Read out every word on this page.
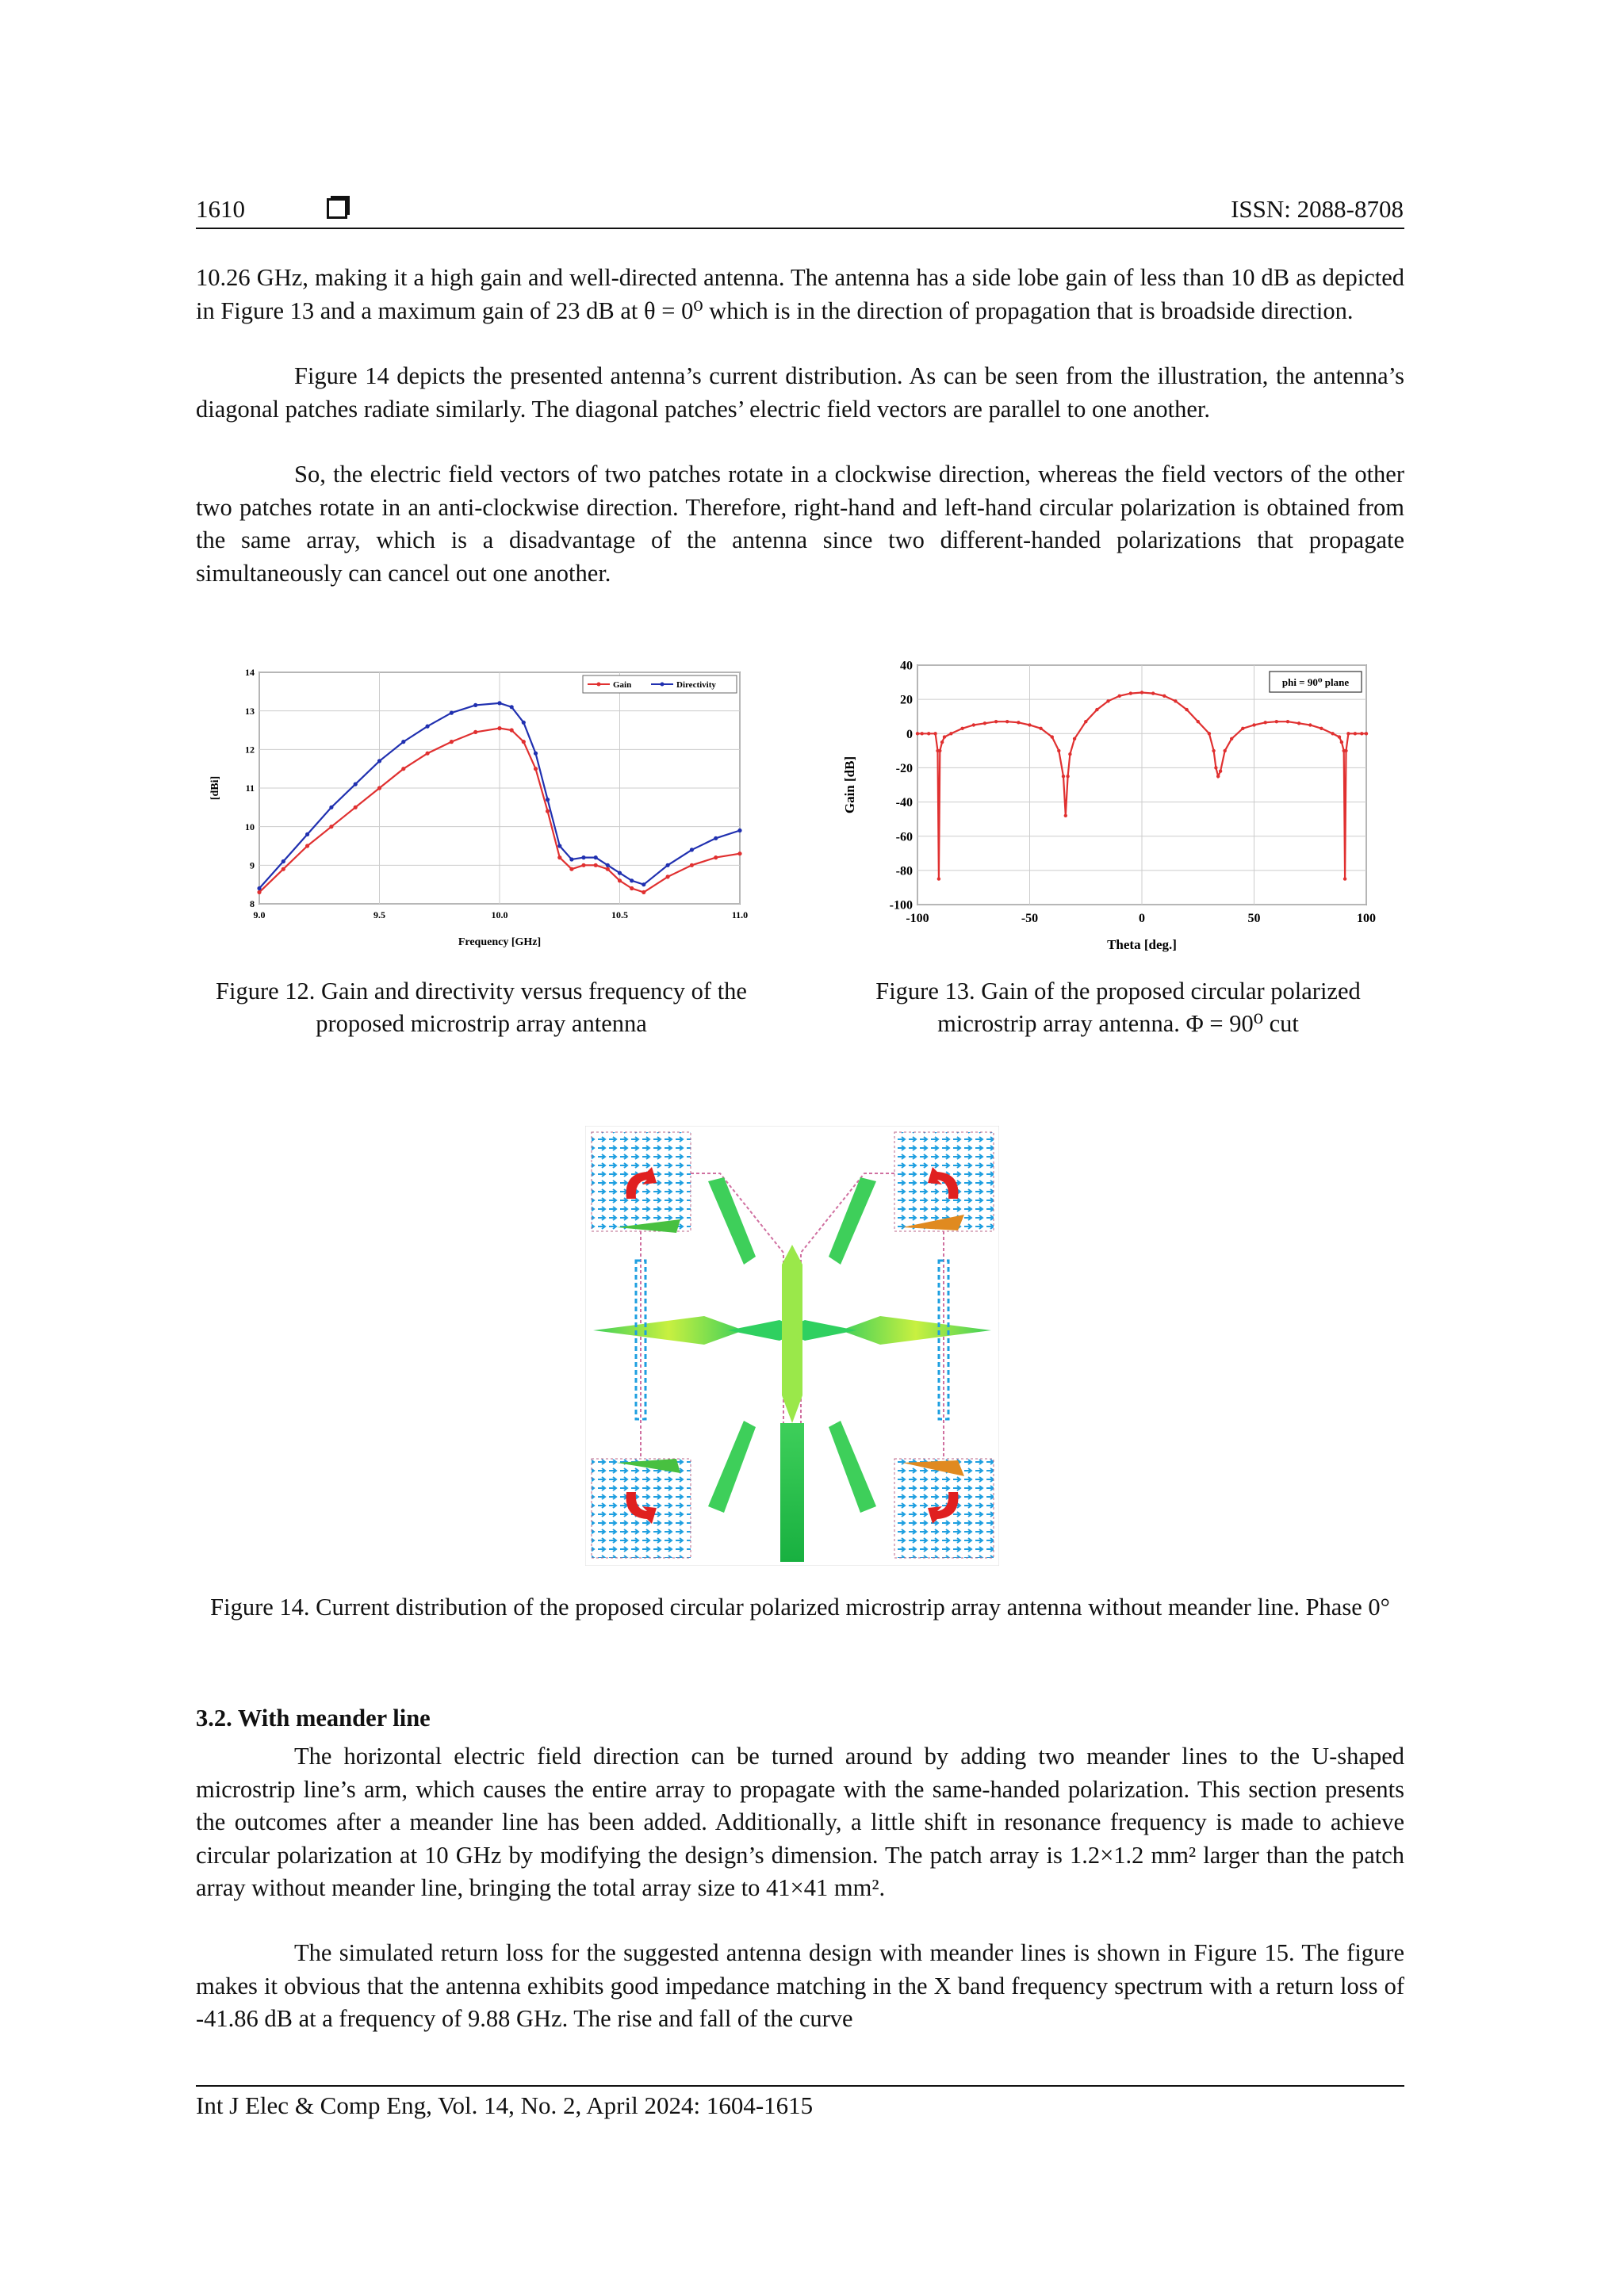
1610	ISSN: 2088-8708

10.26 GHz, making it a high gain and well-directed antenna. The antenna has a side lobe gain of less than 10 dB as depicted in Figure 13 and a maximum gain of 23 dB at θ = 0⁰ which is in the direction of propagation that is broadside direction.

Figure 14 depicts the presented antenna’s current distribution. As can be seen from the illustration, the antenna’s diagonal patches radiate similarly. The diagonal patches’ electric field vectors are parallel to one another.

So, the electric field vectors of two patches rotate in a clockwise direction, whereas the field vectors of the other two patches rotate in an anti-clockwise direction. Therefore, right-hand and left-hand circular polarization is obtained from the same array, which is a disadvantage of the antenna since two different-handed polarizations that propagate simultaneously can cancel out one another.

9.0	9.5	10.0	10.5	11.0
8
9
10
11
12
13
14
Gain	Directivity
Frequency [GHz]
[dBi]
-100	-50	0	50	100
40
20
0
-20
-40
-60
-80
-100
phi = 90⁰ plane
Theta [deg.]
Gain [dB]

Figure 12. Gain and directivity versus frequency of the proposed microstrip array antenna

Figure 13. Gain of the proposed circular polarized microstrip array antenna. Φ = 90⁰ cut

Figure 14. Current distribution of the proposed circular polarized microstrip array antenna without meander line. Phase 0°

3.2. With meander line

The horizontal electric field direction can be turned around by adding two meander lines to the U-shaped microstrip line’s arm, which causes the entire array to propagate with the same-handed polarization. This section presents the outcomes after a meander line has been added. Additionally, a little shift in resonance frequency is made to achieve circular polarization at 10 GHz by modifying the design’s dimension. The patch array is 1.2×1.2 mm² larger than the patch array without meander line, bringing the total array size to 41×41 mm².

The simulated return loss for the suggested antenna design with meander lines is shown in Figure 15. The figure makes it obvious that the antenna exhibits good impedance matching in the X band frequency spectrum with a return loss of -41.86 dB at a frequency of 9.88 GHz. The rise and fall of the curve

Int J Elec & Comp Eng, Vol. 14, No. 2, April 2024: 1604-1615
